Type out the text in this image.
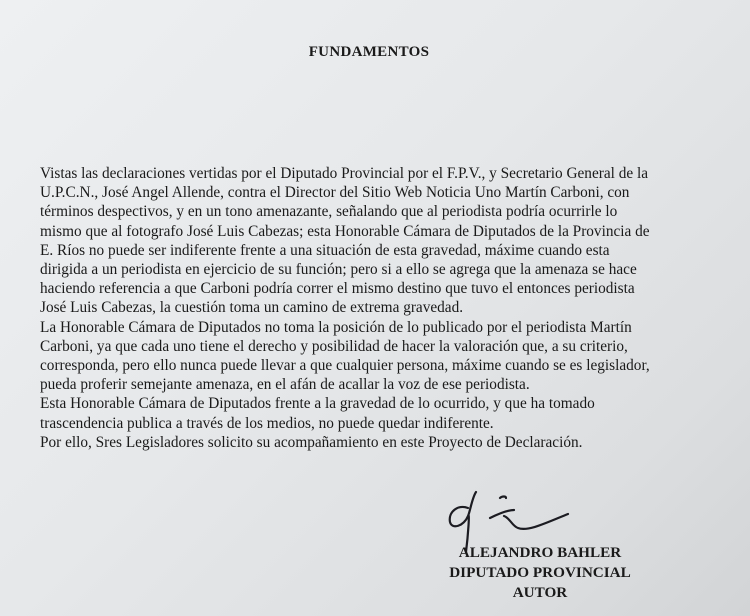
FUNDAMENTOS
Vistas las declaraciones vertidas por el Diputado Provincial por el F.P.V., y Secretario General de la
U.P.C.N., José Angel Allende, contra el Director del Sitio Web Noticia Uno Martín Carboni, con
términos despectivos, y en un tono amenazante, señalando que al periodista podría ocurrirle lo
mismo que al fotografo José Luis Cabezas; esta Honorable Cámara de Diputados de la Provincia de
E. Ríos no puede ser indiferente frente a una situación de esta gravedad, máxime cuando esta
dirigida a un periodista en ejercicio de su función; pero si a ello se agrega que la amenaza se hace
haciendo referencia a que Carboni podría correr el mismo destino que tuvo el entonces periodista
José Luis Cabezas, la cuestión toma un camino de extrema gravedad.
La Honorable Cámara de Diputados no toma la posición de lo publicado por el periodista Martín
Carboni, ya que cada uno tiene el derecho y posibilidad de hacer la valoración que, a su criterio,
corresponda, pero ello nunca puede llevar a que cualquier persona, máxime cuando se es legislador,
pueda proferir semejante amenaza, en el afán de acallar la voz de ese periodista.
Esta Honorable Cámara de Diputados frente a la gravedad de lo ocurrido, y que ha tomado
trascendencia publica a través de los medios, no puede quedar indiferente.
Por ello, Sres Legisladores solicito su acompañamiento en este Proyecto de Declaración.
ALEJANDRO BAHLER
DIPUTADO PROVINCIAL
AUTOR
